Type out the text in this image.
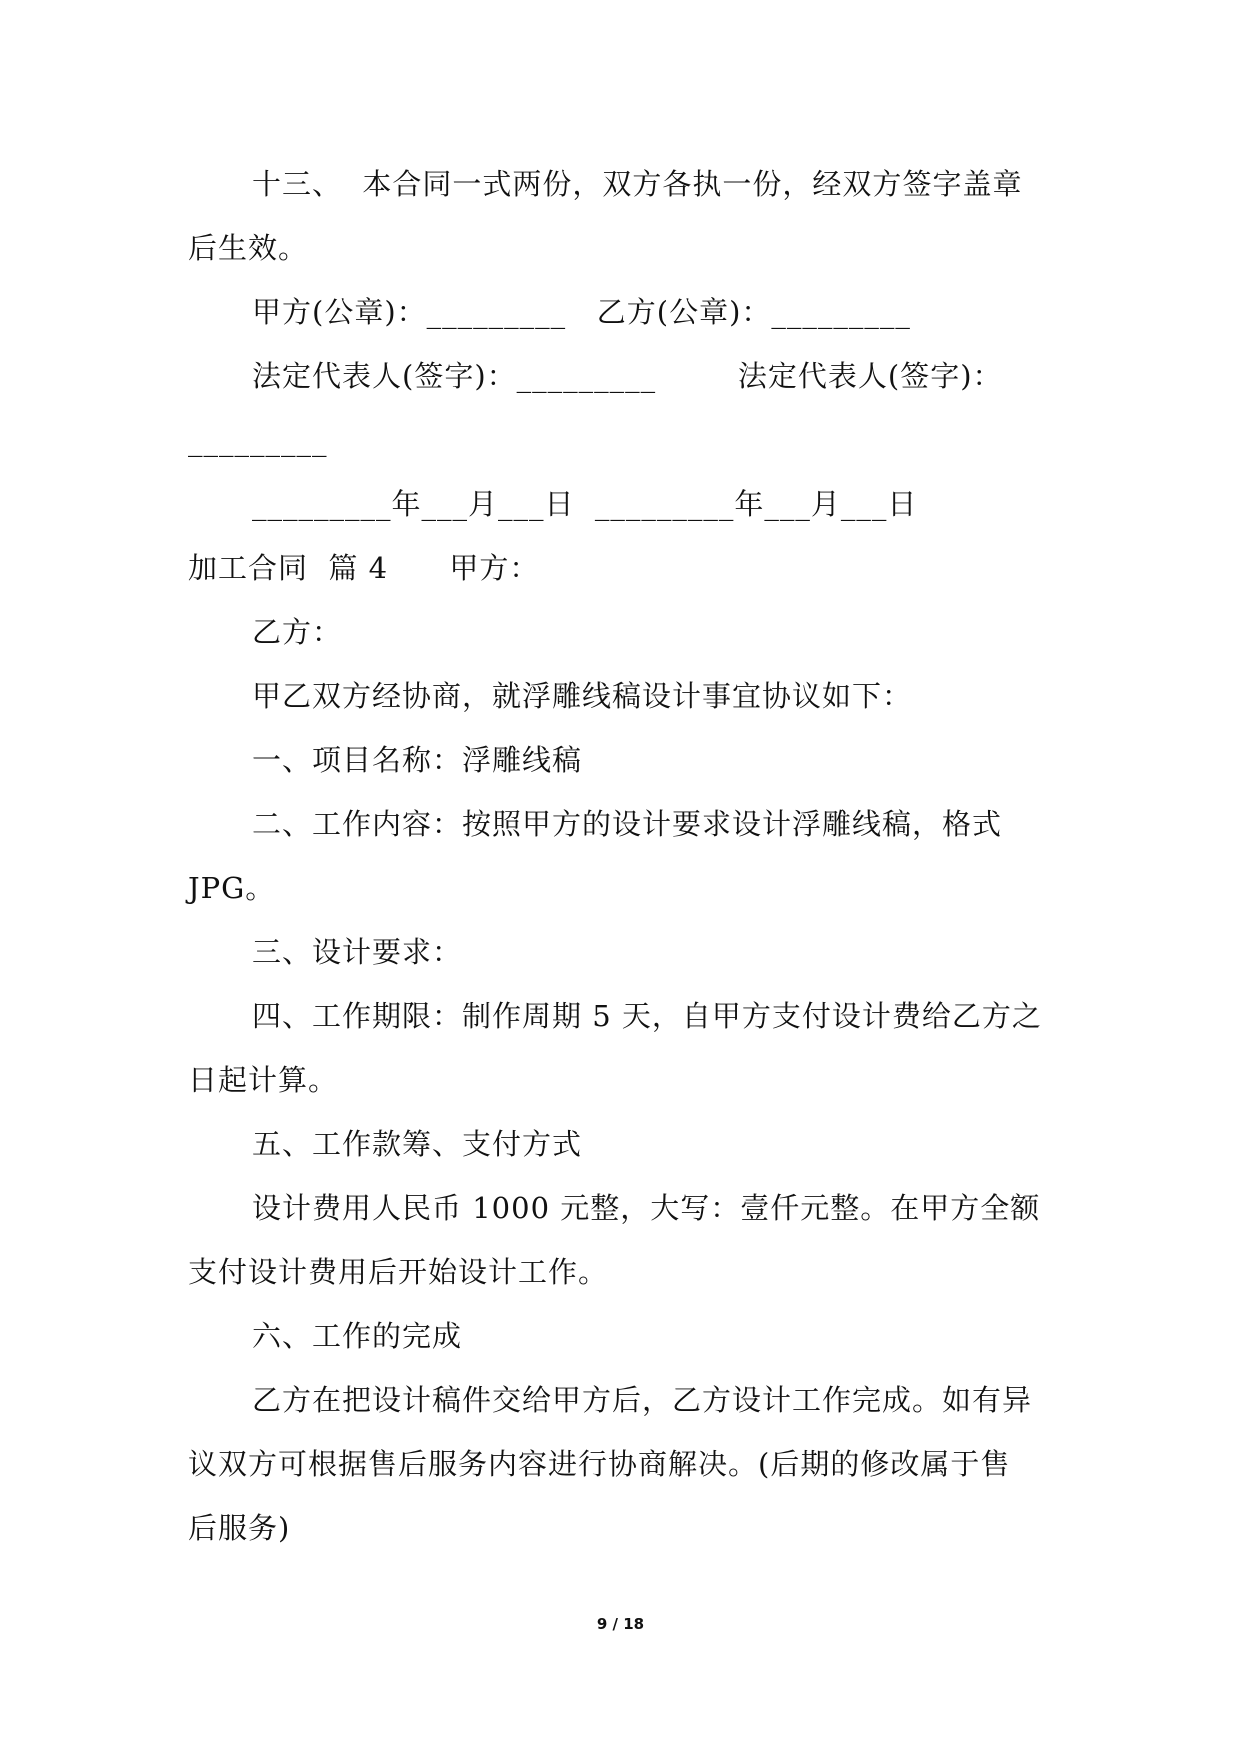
十三、  本合同一式两份，双方各执一份，经双方签字盖章
后生效。
甲方(公章)：_________   乙方(公章)：_________
法定代表人(签字)：_________        法定代表人(签字)：
_________
_________年___月___日  _________年___月___日
加工合同  篇 4      甲方：
乙方：
甲乙双方经协商，就浮雕线稿设计事宜协议如下：
一、项目名称：浮雕线稿
二、工作内容：按照甲方的设计要求设计浮雕线稿，格式
JPG。
三、设计要求：
四、工作期限：制作周期 5 天，自甲方支付设计费给乙方之
日起计算。
五、工作款筹、支付方式
设计费用人民币 1000 元整，大写：壹仟元整。在甲方全额
支付设计费用后开始设计工作。
六、工作的完成
乙方在把设计稿件交给甲方后，乙方设计工作完成。如有异
议双方可根据售后服务内容进行协商解决。(后期的修改属于售
后服务)
9 / 18
